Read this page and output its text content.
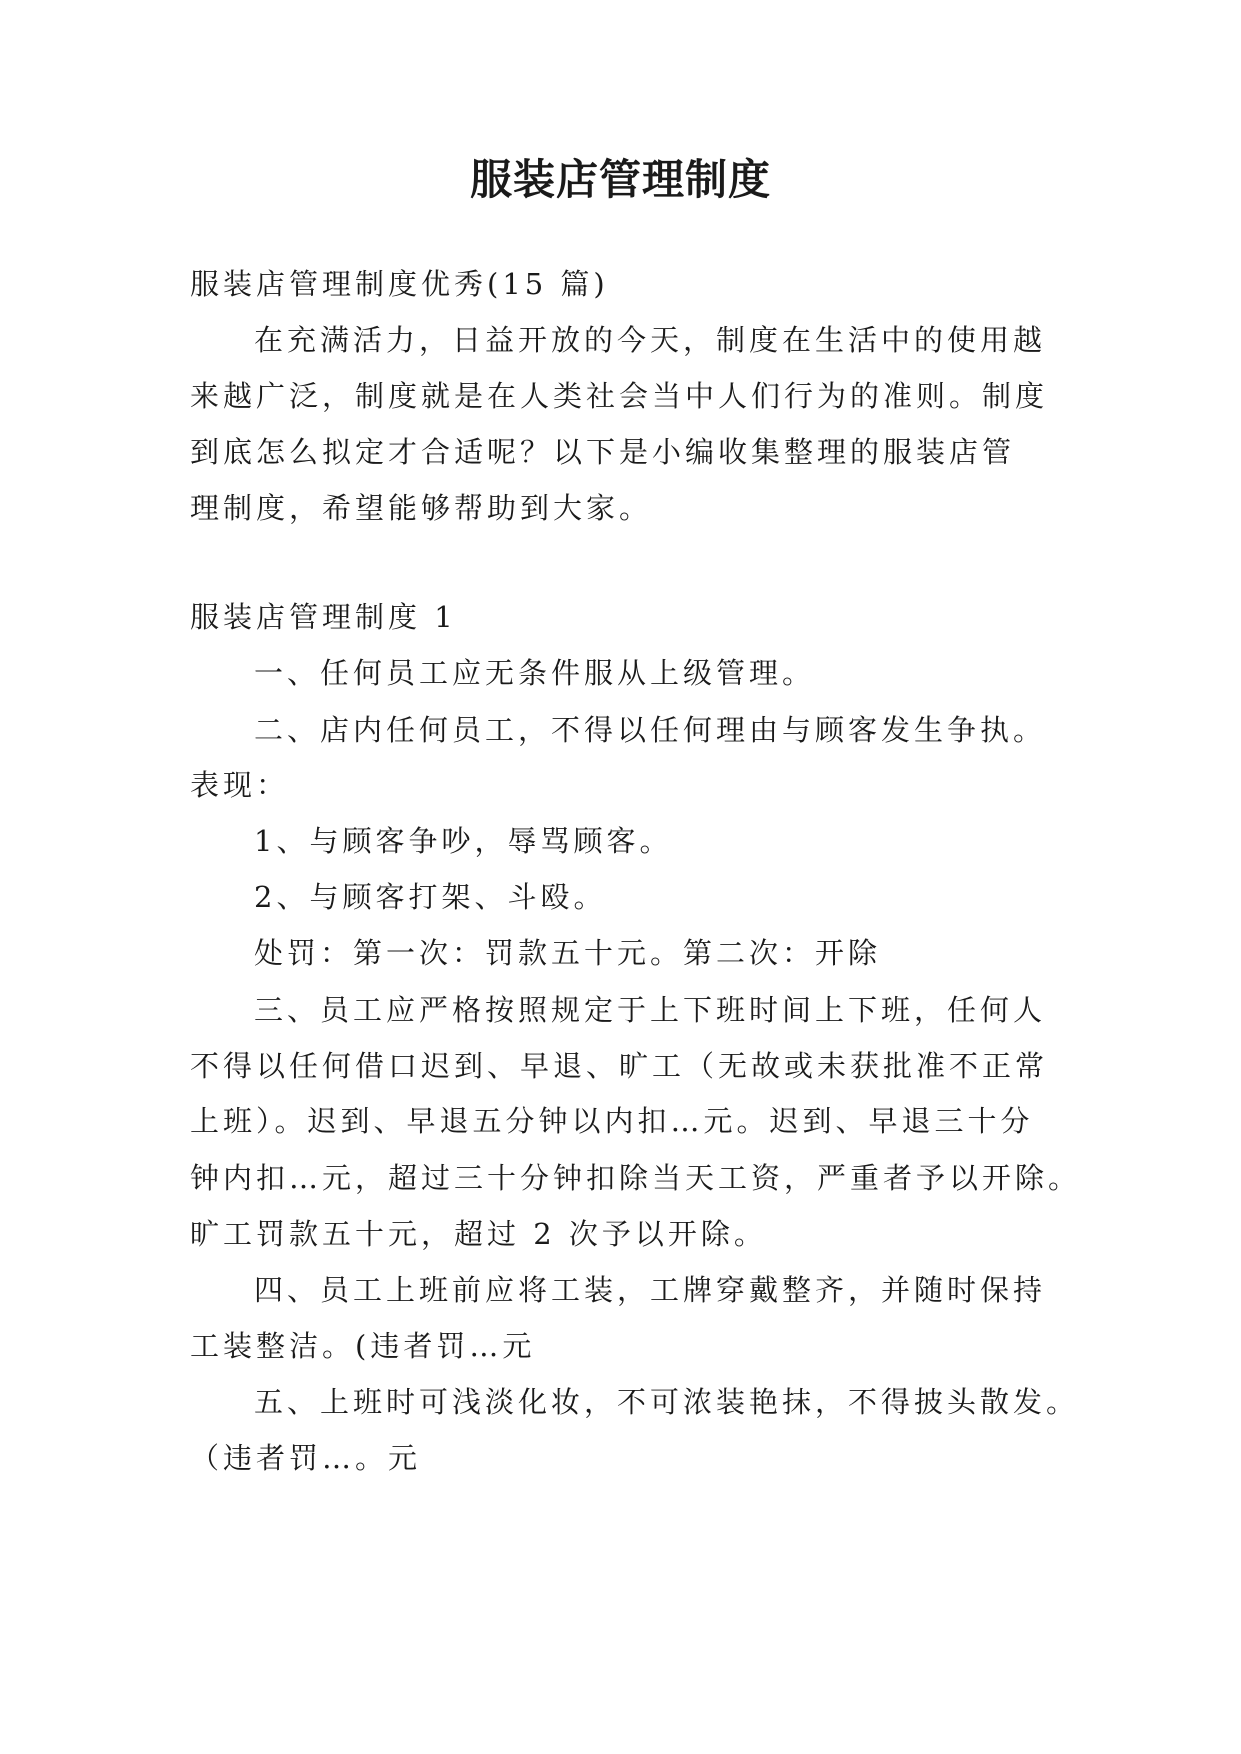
服装店管理制度
服装店管理制度优秀(15 篇)
在充满活力，日益开放的今天，制度在生活中的使用越
来越广泛，制度就是在人类社会当中人们行为的准则。制度
到底怎么拟定才合适呢？以下是小编收集整理的服装店管
理制度，希望能够帮助到大家。
服装店管理制度 1
一、任何员工应无条件服从上级管理。
二、店内任何员工，不得以任何理由与顾客发生争执。
表现：
1、与顾客争吵，辱骂顾客。
2、与顾客打架、斗殴。
处罚：第一次：罚款五十元。第二次：开除
三、员工应严格按照规定于上下班时间上下班，任何人
不得以任何借口迟到、早退、旷工（无故或未获批准不正常
上班）。迟到、早退五分钟以内扣…元。迟到、早退三十分
钟内扣…元，超过三十分钟扣除当天工资，严重者予以开除。
旷工罚款五十元，超过 2 次予以开除。
四、员工上班前应将工装，工牌穿戴整齐，并随时保持
工装整洁。(违者罚…元
五、上班时可浅淡化妆，不可浓装艳抹，不得披头散发。
（违者罚…。元
